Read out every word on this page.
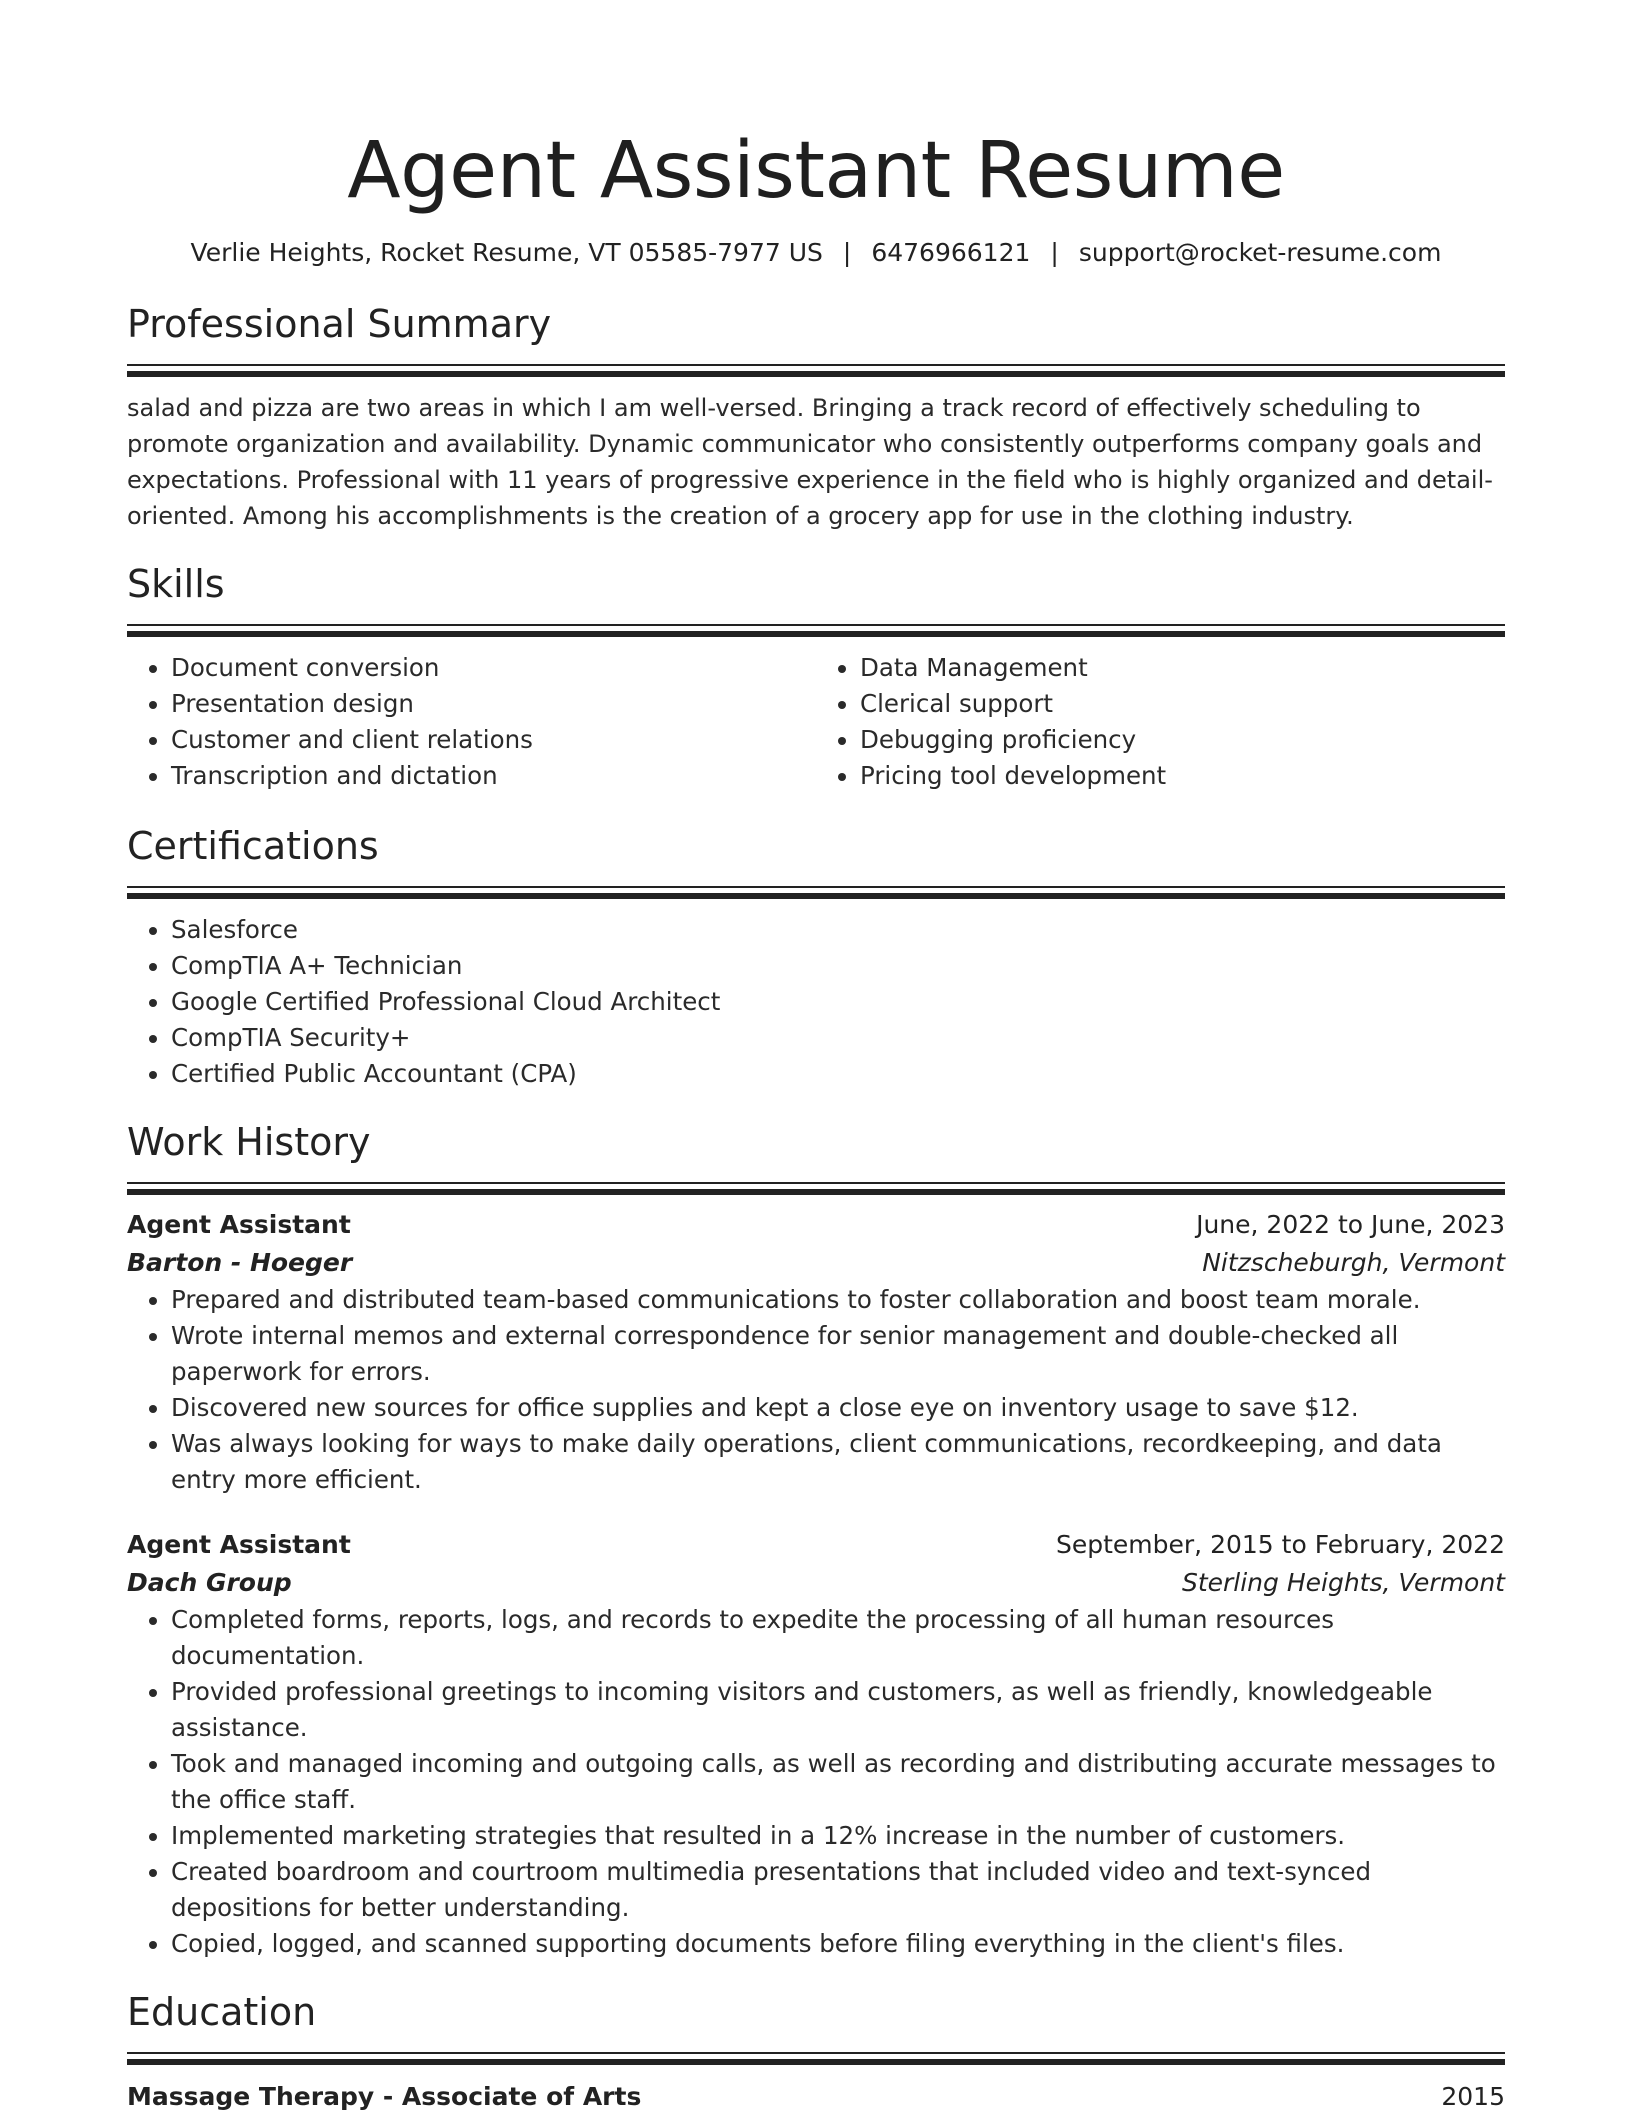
Agent Assistant Resume
Verlie Heights, Rocket Resume, VT 05585-7977 US | 6476966121 | support@rocket-resume.com
Professional Summary

salad and pizza are two areas in which I am well-versed. Bringing a track record of effectively scheduling to promote organization and availability. Dynamic communicator who consistently outperforms company goals and expectations. Professional with 11 years of progressive experience in the field who is highly organized and detail-oriented. Among his accomplishments is the creation of a grocery app for use in the clothing industry.

Skills
• Document conversion
• Presentation design
• Customer and client relations
• Transcription and dictation
• Data Management
• Clerical support
• Debugging proficiency
• Pricing tool development
Certifications
• Salesforce
• CompTIA A+ Technician
• Google Certified Professional Cloud Architect
• CompTIA Security+
• Certified Public Accountant (CPA)
Work History
Agent Assistant	June, 2022 to June, 2023
Barton - Hoeger	Nitzscheburgh, Vermont
• Prepared and distributed team-based communications to foster collaboration and boost team morale.
• Wrote internal memos and external correspondence for senior management and double-checked all paperwork for errors.
• Discovered new sources for office supplies and kept a close eye on inventory usage to save $12.
• Was always looking for ways to make daily operations, client communications, recordkeeping, and data entry more efficient.
Agent Assistant	September, 2015 to February, 2022
Dach Group	Sterling Heights, Vermont
• Completed forms, reports, logs, and records to expedite the processing of all human resources documentation.
• Provided professional greetings to incoming visitors and customers, as well as friendly, knowledgeable assistance.
• Took and managed incoming and outgoing calls, as well as recording and distributing accurate messages to the office staff.
• Implemented marketing strategies that resulted in a 12% increase in the number of customers.
• Created boardroom and courtroom multimedia presentations that included video and text-synced depositions for better understanding.
• Copied, logged, and scanned supporting documents before filing everything in the client's files.
Education
Massage Therapy - Associate of Arts	2015
